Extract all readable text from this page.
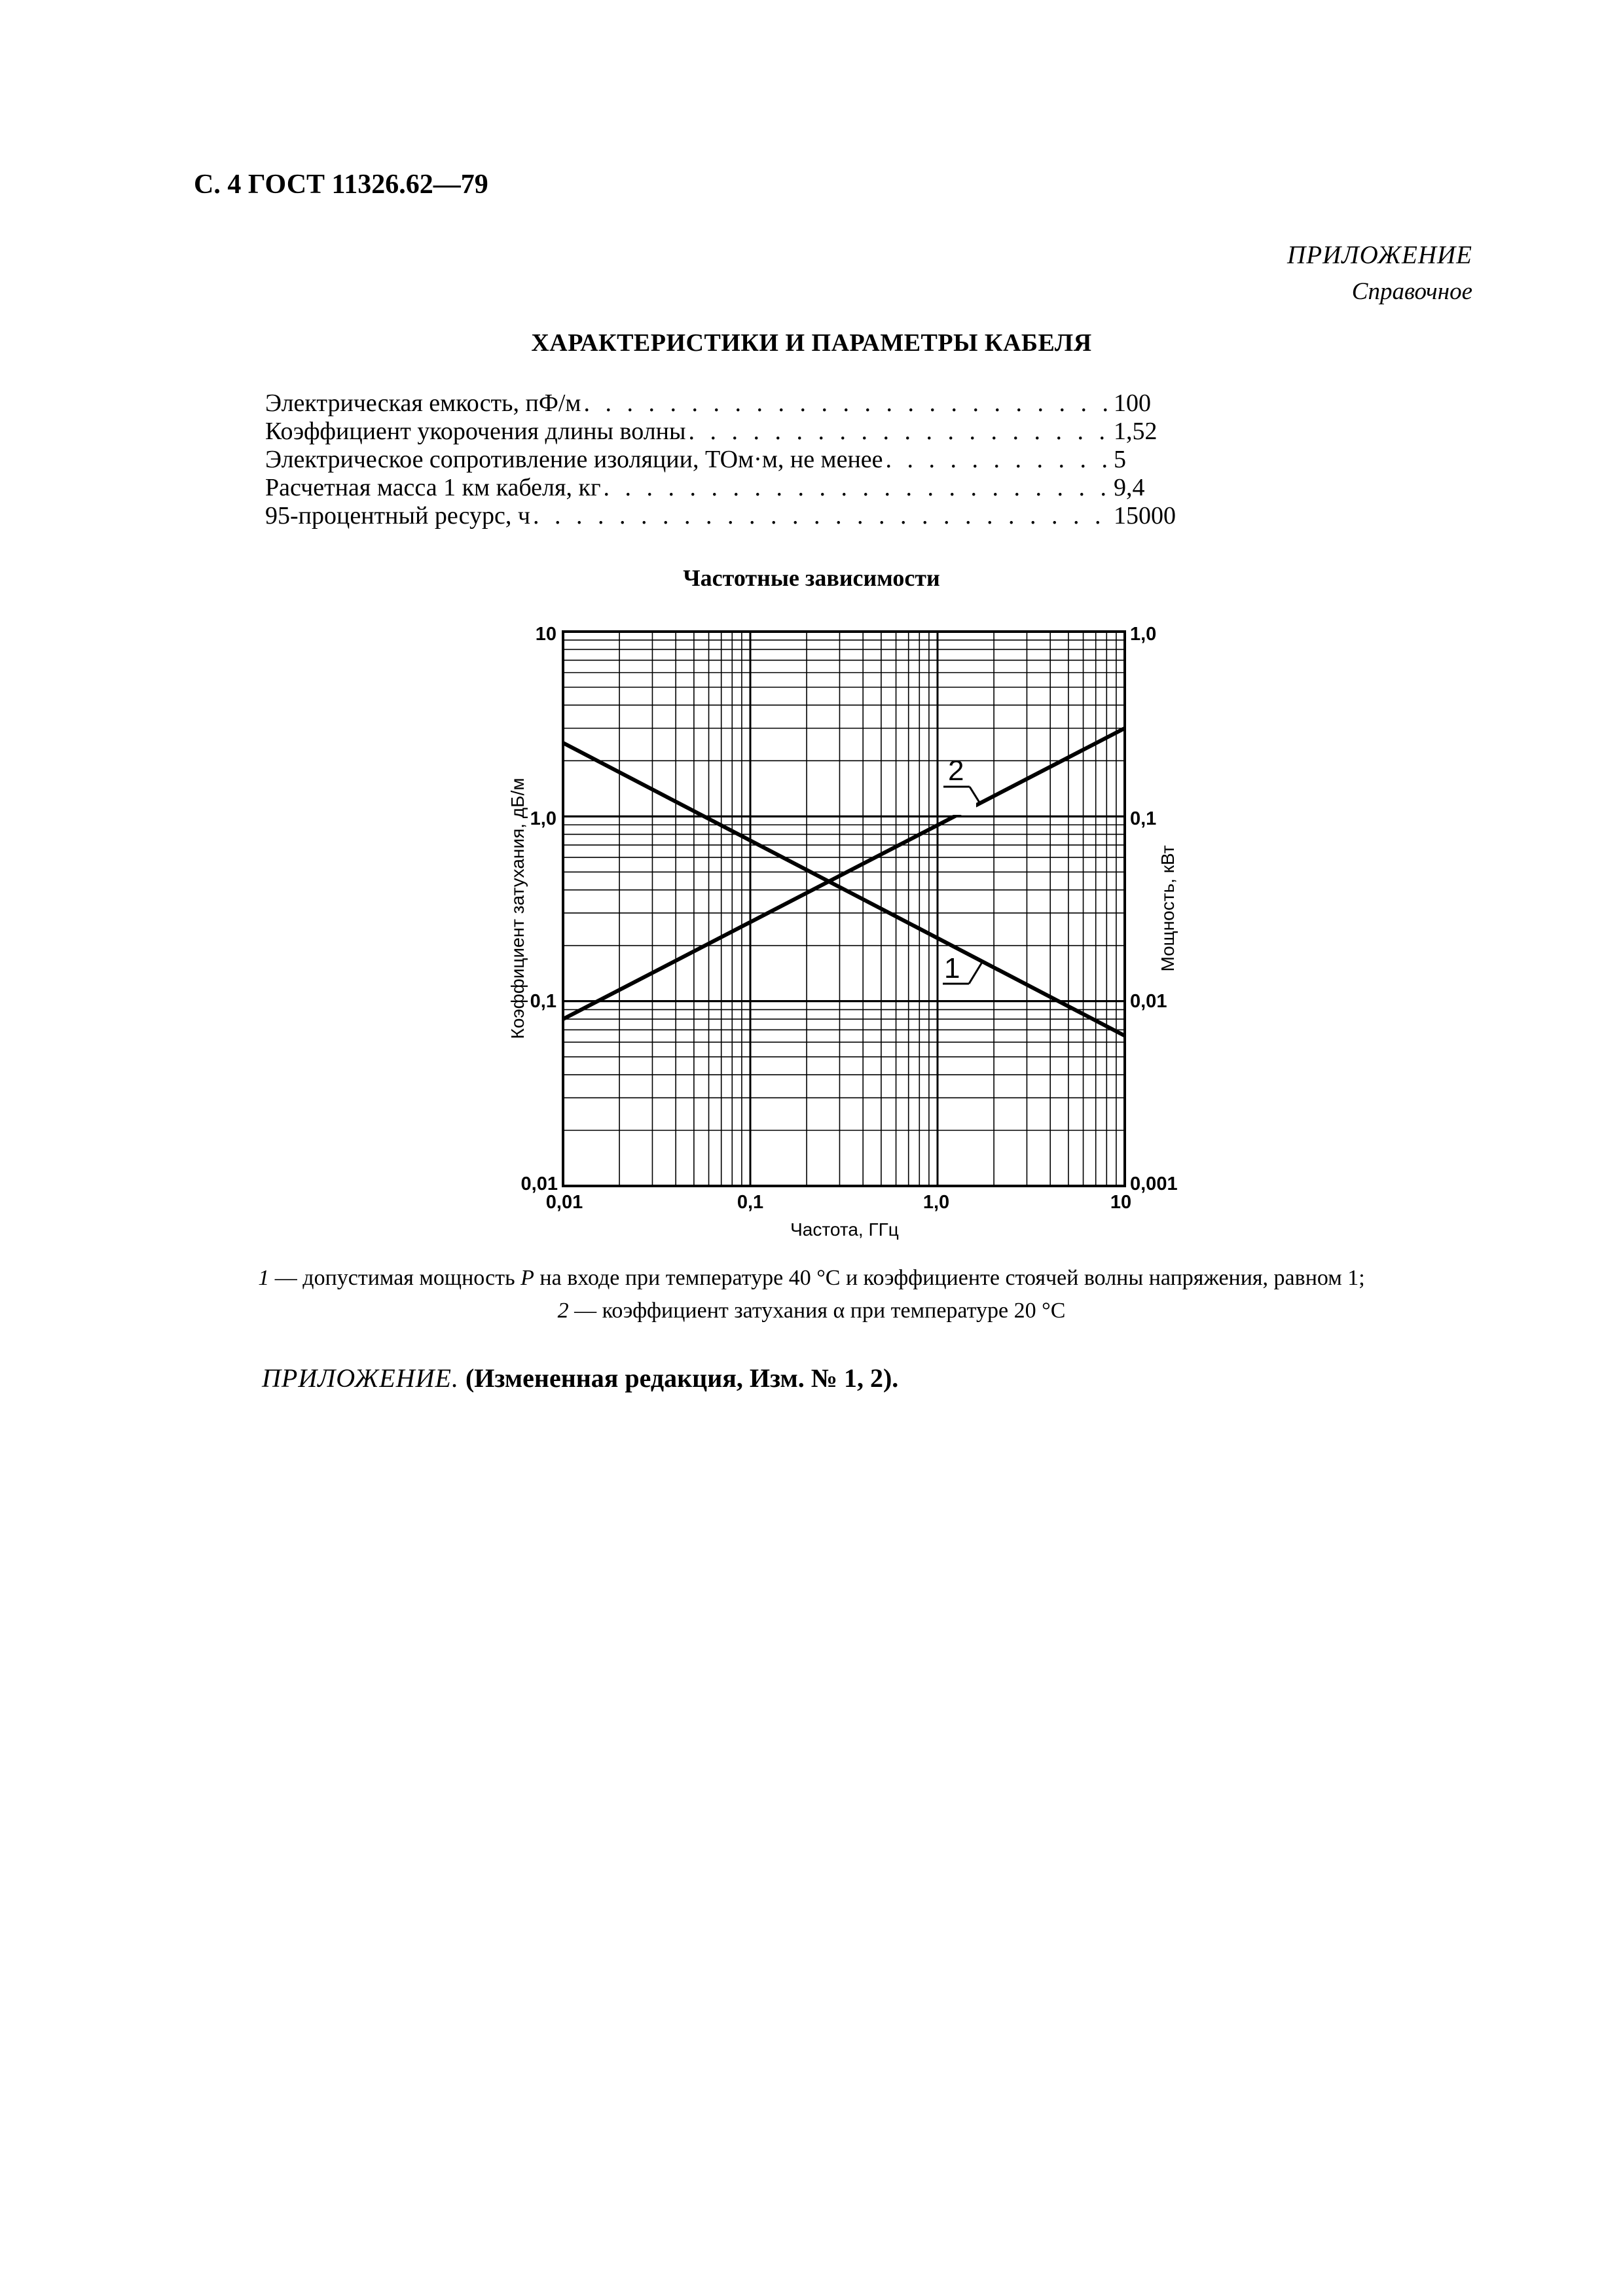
С. 4 ГОСТ 11326.62—79
ПРИЛОЖЕНИЕ
Справочное
ХАРАКТЕРИСТИКИ И ПАРАМЕТРЫ КАБЕЛЯ
Электрическая емкость, пФ/м . . .	100
Коэффициент укорочения длины волны . . .	1,52
Электрическое сопротивление изоляции, ТОм·м, не менее . . .	5
Расчетная масса 1 км кабеля, кг . . .	9,4
95-процентный ресурс, ч . . .	15000
Частотные зависимости
10
1,0
0,1
0,01
1,0
0,1
0,01
0,001
0,01	0,1	1,0	10
Частота, ГГц
Коэффициент затухания, дБ/м	Мощность, кВт
2
1
1 — допустимая мощность Р на входе при температуре 40 °С и коэффициенте стоячей волны напряжения, равном 1;
2 — коэффициент затухания α при температуре 20 °С
ПРИЛОЖЕНИЕ. (Измененная редакция, Изм. № 1, 2).
